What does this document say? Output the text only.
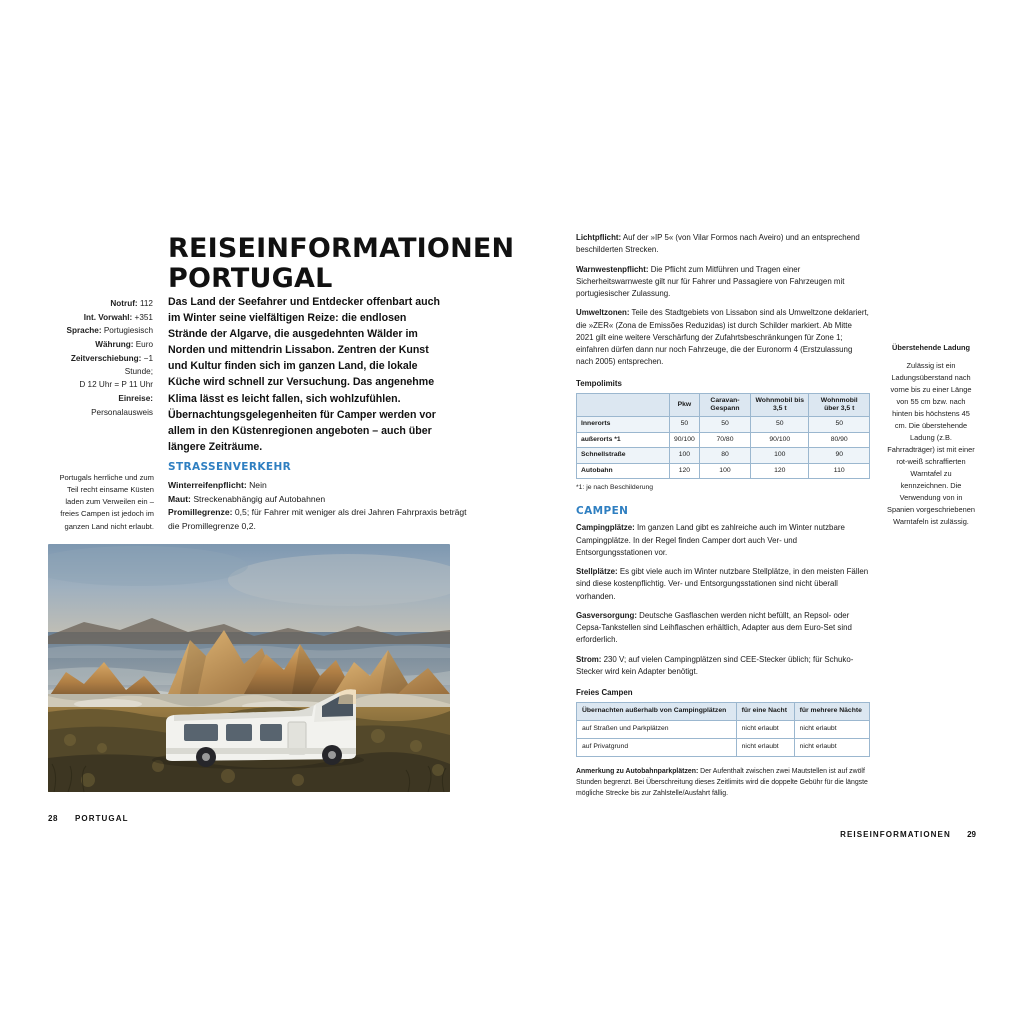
REISEINFORMATIONEN PORTUGAL
Notruf: 112
Int. Vorwahl: +351
Sprache: Portugiesisch
Währung: Euro
Zeitverschiebung: −1 Stunde;
D 12 Uhr = P 11 Uhr
Einreise:
Personalausweis
Das Land der Seefahrer und Entdecker offenbart auch im Winter seine vielfältigen Reize: die endlosen Strände der Algarve, die ausgedehnten Wälder im Norden und mittendrin Lissabon. Zentren der Kunst und Kultur finden sich im ganzen Land, die lokale Küche wird schnell zur Versuchung. Das angenehme Klima lässt es leicht fallen, sich wohlzufühlen. Übernachtungsgelegenheiten für Camper werden vor allem in den Küstenregionen angeboten – auch über längere Zeiträume.
STRASSENVERKEHR

Winterreifenpflicht: Nein

Maut: Streckenabhängig auf Autobahnen

Promillegrenze: 0,5; für Fahrer mit weniger als drei Jahren Fahrpraxis beträgt die Promillegrenze 0,2.

Portugals herrliche und zum Teil recht einsame Küsten laden zum Verweilen ein – freies Campen ist jedoch im ganzen Land nicht erlaubt.
28 PORTUGAL

Lichtpflicht: Auf der »IP 5« (von Vilar Formos nach Aveiro) und an entsprechend beschilderten Strecken.

Warnwestenpflicht: Die Pflicht zum Mitführen und Tragen einer Sicherheitswarnweste gilt nur für Fahrer und Passagiere von Fahrzeugen mit portugiesischer Zulassung.

Umweltzonen: Teile des Stadtgebiets von Lissabon sind als Umweltzone deklariert, die »ZER« (Zona de Emissões Reduzidas) ist durch Schilder markiert. Ab Mitte 2021 gilt eine weitere Verschärfung der Zufahrtsbeschränkungen für Zone 1; einfahren dürfen dann nur noch Fahrzeuge, die der Euronorm 4 (Erstzulassung nach 2005) entsprechen.

Tempolimits
	Pkw	Caravan-Gespann	Wohnmobil bis 3,5 t	Wohnmobil über 3,5 t
Innerorts	50	50	50	50
außerorts *1	90/100	70/80	90/100	80/90
Schnellstraße	100	80	100	90
Autobahn	120	100	120	110
*1: je nach Beschilderung
CAMPEN

Campingplätze: Im ganzen Land gibt es zahlreiche auch im Winter nutzbare Campingplätze. In der Regel finden Camper dort auch Ver- und Entsorgungsstationen vor.

Stellplätze: Es gibt viele auch im Winter nutzbare Stellplätze, in den meisten Fällen sind diese kostenpflichtig. Ver- und Entsorgungsstationen sind nicht überall vorhanden.

Gasversorgung: Deutsche Gasflaschen werden nicht befüllt, an Repsol- oder Cepsa-Tankstellen sind Leihflaschen erhältlich, Adapter aus dem Euro-Set sind erforderlich.

Strom: 230 V; auf vielen Campingplätzen sind CEE-Stecker üblich; für Schuko-Stecker wird kein Adapter benötigt.

Freies Campen
Übernachten außerhalb von Campingplätzen	für eine Nacht	für mehrere Nächte
auf Straßen und Parkplätzen	nicht erlaubt	nicht erlaubt
auf Privatgrund	nicht erlaubt	nicht erlaubt
Anmerkung zu Autobahnparkplätzen: Der Aufenthalt zwischen zwei Mautstellen ist auf zwölf Stunden begrenzt. Bei Überschreitung dieses Zeitlimits wird die doppelte Gebühr für die längste mögliche Strecke bis zur Zahlstelle/Ausfahrt fällig.
Überstehende Ladung
Zulässig ist ein Ladungsüberstand nach vorne bis zu einer Länge von 55 cm bzw. nach hinten bis höchstens 45 cm. Die überstehende Ladung (z.B. Fahrradträger) ist mit einer rot-weiß schraffierten Warntafel zu kennzeichnen. Die Verwendung von in Spanien vorgeschriebenen Warntafeln ist zulässig.
REISEINFORMATIONEN 29
